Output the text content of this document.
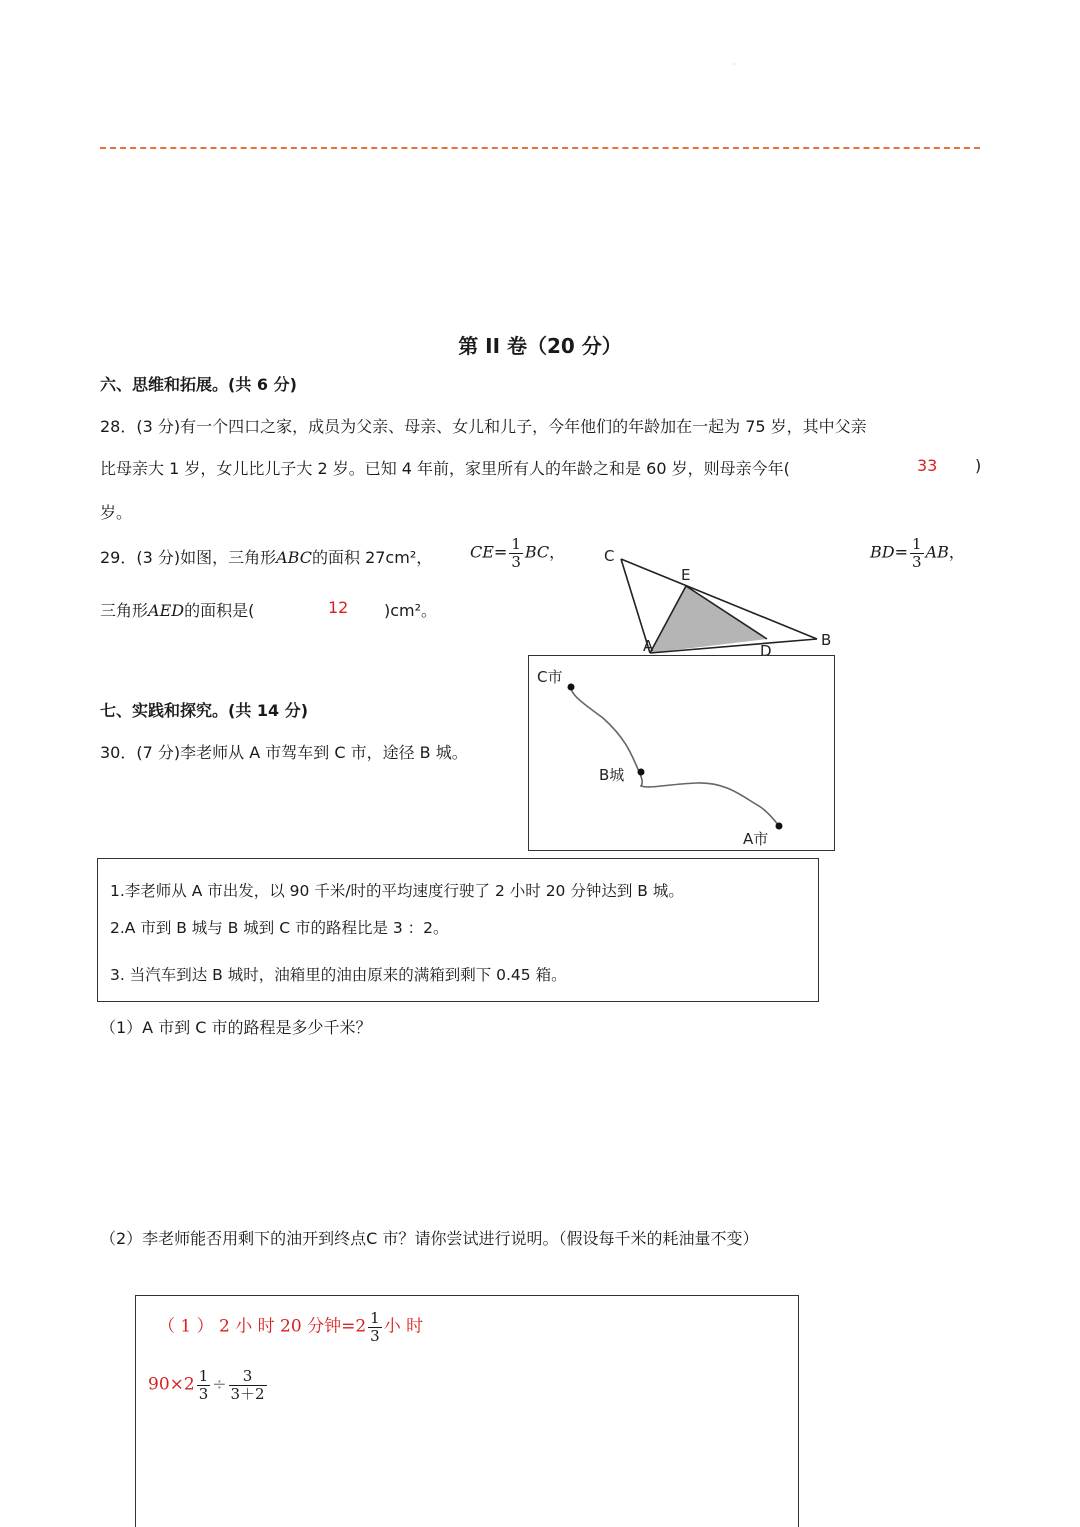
·
第 II 卷（20 分）
六、思维和拓展。(共 6 分)
28．(3 分)有一个四口之家，成员为父亲、母亲、女儿和儿子，今年他们的年龄加在一起为 75 岁，其中父亲
比母亲大 1 岁，女儿比儿子大 2 岁。已知 4 年前，家里所有人的年龄之和是 60 岁，则母亲今年(	33 )
岁。
29．(3 分)如图，三角形ABC的面积 27cm²， $CE= \frac{1}{3}$ BC，	$BD= \frac{1}{3}$ AB，
三角形AED的面积是(	12 )cm²。
C
E
A	D
B
C市
B城
A市
七、实践和探究。(共 14 分)
30．(7 分)李老师从 A 市驾车到 C 市，途径 B 城。
1.李老师从 A 市出发，以 90 千米/时的平均速度行驶了 2 小时 20 分钟达到 B 城。
2.A 市到 B 城与 B 城到 C 市的路程比是 3 ：2。
3. 当汽车到达 B 城时，油箱里的油由原来的满箱到剩下 0.45 箱。
（1）A 市到 C 市的路程是多少千米？
（2）李老师能否用剩下的油开到终点C 市？请你尝试进行说明。（假设每千米的耗油量不变）
（ 1 ） 2 小 时 20 分钟$=2 \frac{1}{3}$ 小 时
$90\times 2 \frac{1}{3} \div \frac{3}{3+2}$
